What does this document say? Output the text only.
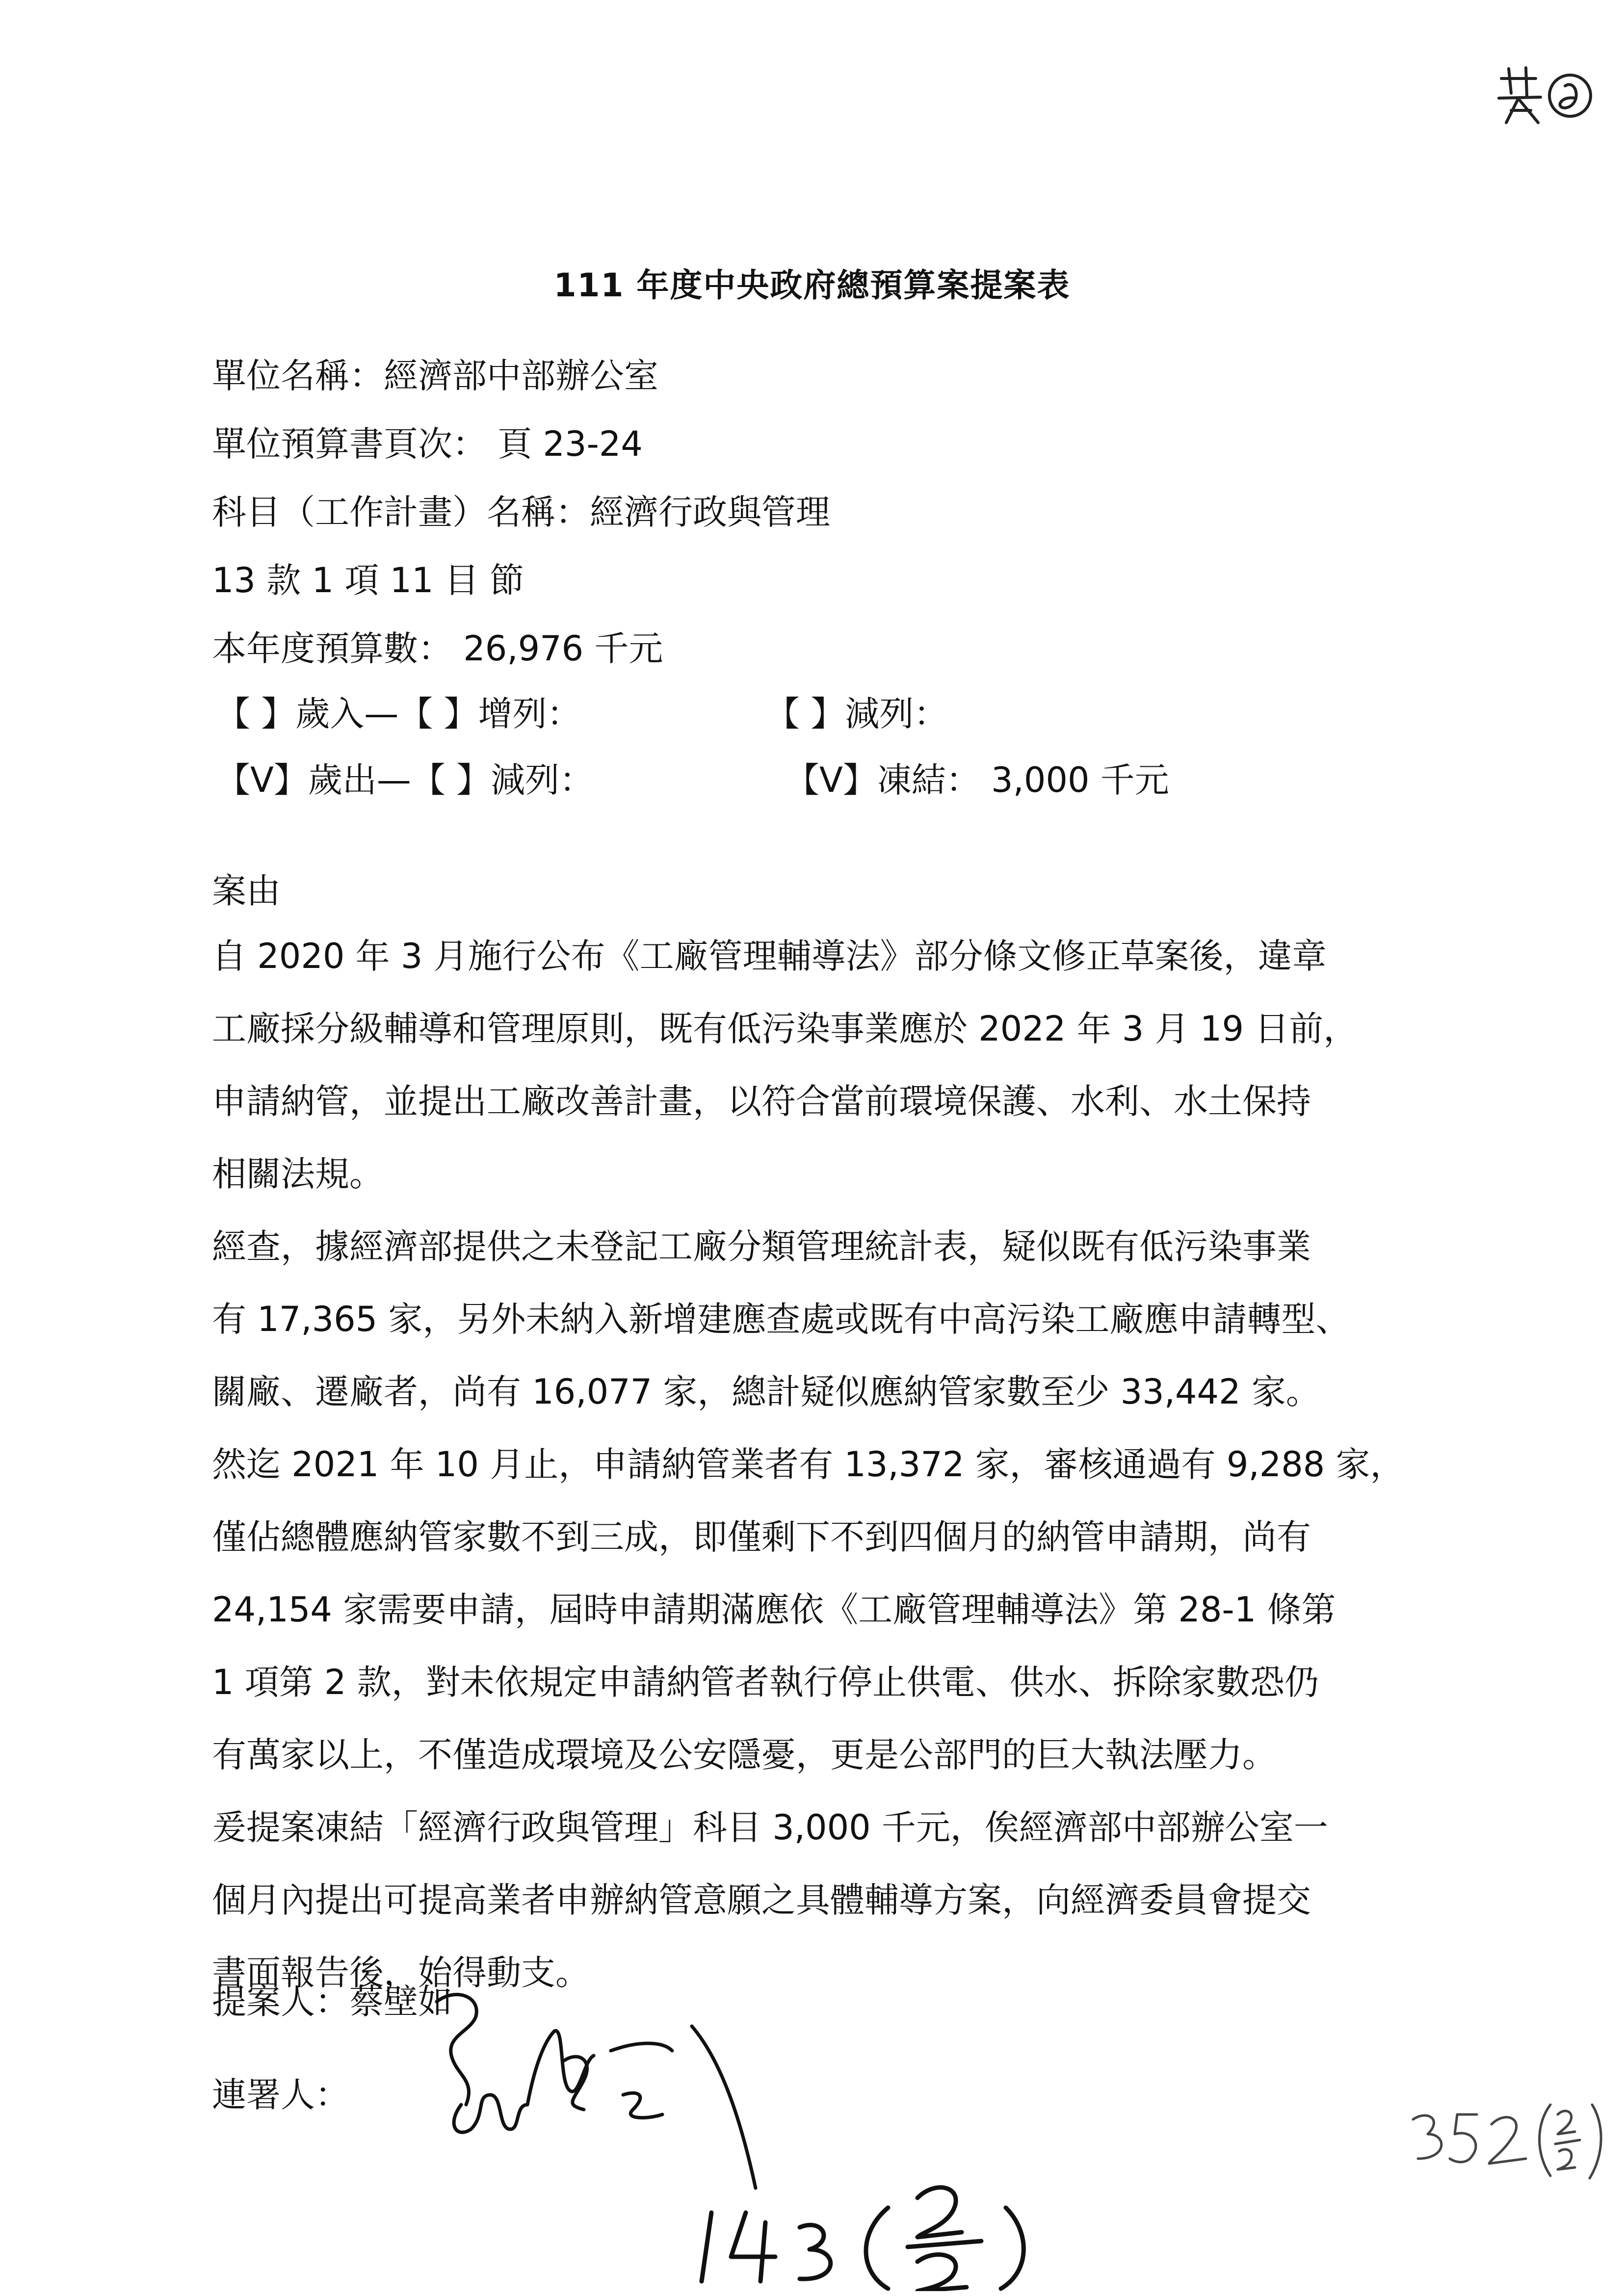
111 年度中央政府總預算案提案表
單位名稱：經濟部中部辦公室
單位預算書頁次： 頁 23-24
科目（工作計畫）名稱：經濟行政與管理
13 款 1 項 11 目 節
本年度預算數： 26,976 千元
【 】歲入—【 】增列：	【 】減列：
【V】歲出—【 】減列：	【V】凍結： 3,000 千元
案由
自 2020 年 3 月施行公布《工廠管理輔導法》部分條文修正草案後，違章
工廠採分級輔導和管理原則，既有低污染事業應於 2022 年 3 月 19 日前，
申請納管，並提出工廠改善計畫，以符合當前環境保護、水利、水土保持
相關法規。
經查，據經濟部提供之未登記工廠分類管理統計表，疑似既有低污染事業
有 17,365 家，另外未納入新增建應查處或既有中高污染工廠應申請轉型、
關廠、遷廠者，尚有 16,077 家，總計疑似應納管家數至少 33,442 家。
然迄 2021 年 10 月止，申請納管業者有 13,372 家，審核通過有 9,288 家，
僅佔總體應納管家數不到三成，即僅剩下不到四個月的納管申請期，尚有
24,154 家需要申請，屆時申請期滿應依《工廠管理輔導法》第 28-1 條第
1 項第 2 款，對未依規定申請納管者執行停止供電、供水、拆除家數恐仍
有萬家以上，不僅造成環境及公安隱憂，更是公部門的巨大執法壓力。
爰提案凍結「經濟行政與管理」科目 3,000 千元，俟經濟部中部辦公室一
個月內提出可提高業者申辦納管意願之具體輔導方案，向經濟委員會提交
書面報告後，始得動支。
提案人：蔡壁如
連署人：
